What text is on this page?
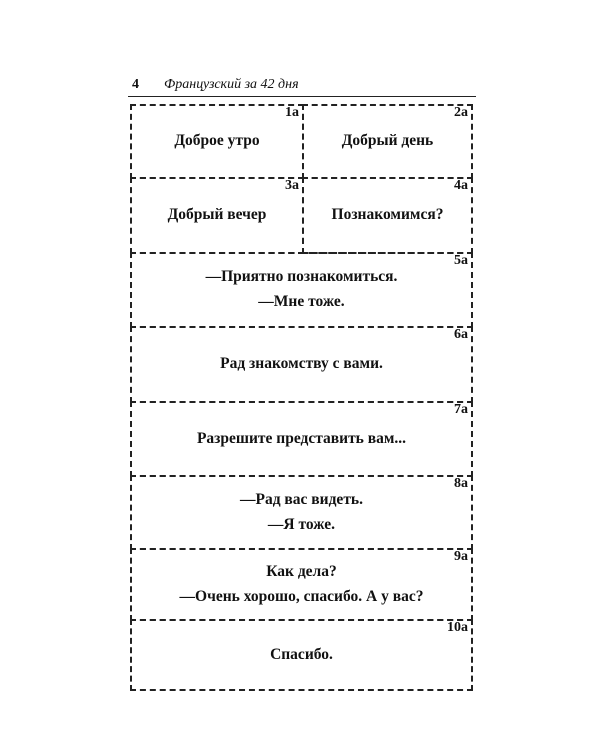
4 Французский за 42 дня
1a
Доброе утро
2a
Добрый день
3a
Добрый вечер
4a
Познакомимся?
5a
—Приятно познакомиться.
—Мне тоже.
6a
Рад знакомству с вами.
7a
Разрешите представить вам...
8a
—Рад вас видеть.
—Я тоже.
9a
Как дела?
—Очень хорошо, спасибо. А у вас?
10a
Спасибо.
